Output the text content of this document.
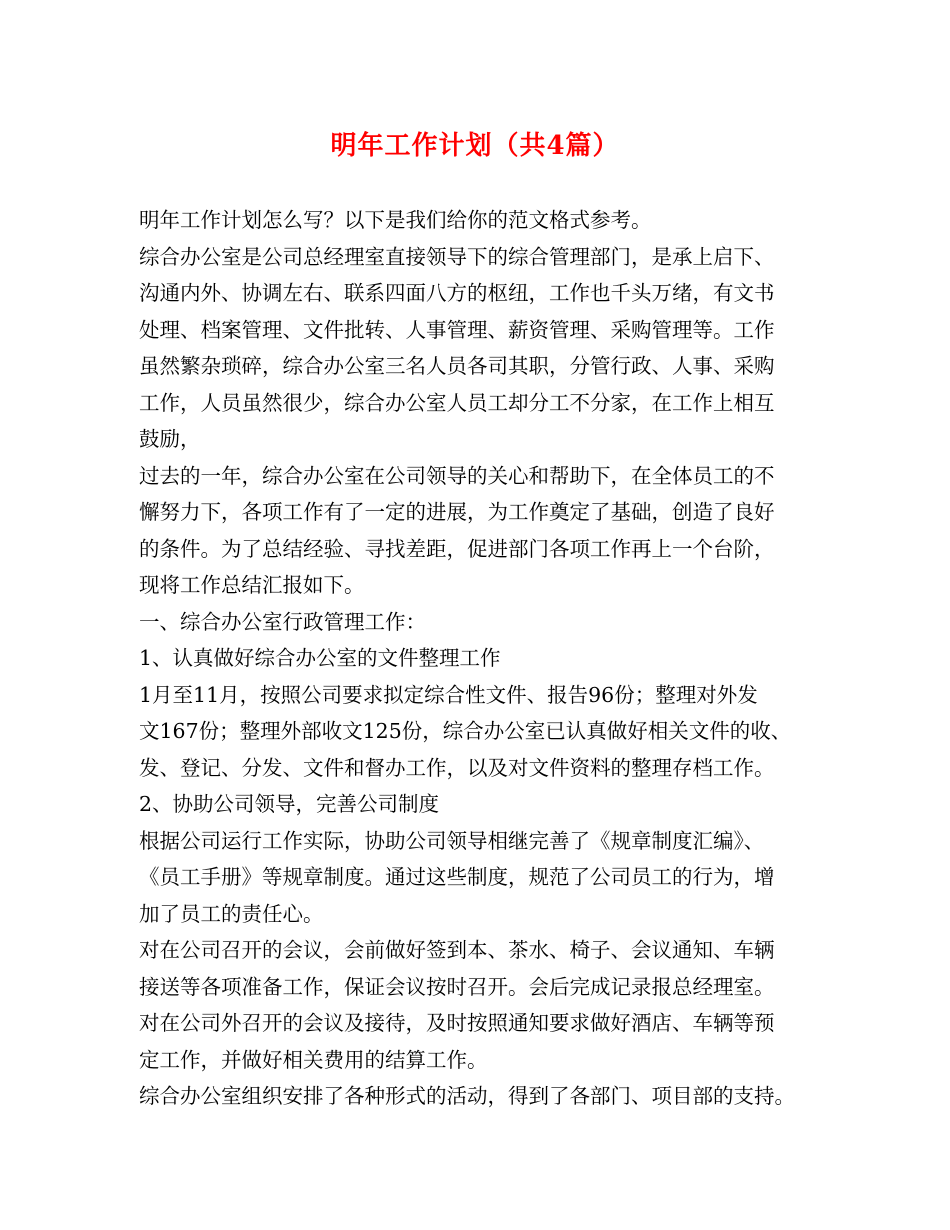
明年工作计划（共4篇）
明年工作计划怎么写？以下是我们给你的范文格式参考。
综合办公室是公司总经理室直接领导下的综合管理部门，是承上启下、
沟通内外、协调左右、联系四面八方的枢纽，工作也千头万绪，有文书
处理、档案管理、文件批转、人事管理、薪资管理、采购管理等。工作
虽然繁杂琐碎，综合办公室三名人员各司其职，分管行政、人事、采购
工作，人员虽然很少，综合办公室人员工却分工不分家，在工作上相互
鼓励，
过去的一年，综合办公室在公司领导的关心和帮助下，在全体员工的不
懈努力下，各项工作有了一定的进展，为工作奠定了基础，创造了良好
的条件。为了总结经验、寻找差距，促进部门各项工作再上一个台阶，
现将工作总结汇报如下。
一、综合办公室行政管理工作：
1、认真做好综合办公室的文件整理工作
1月至11月，按照公司要求拟定综合性文件、报告96份；整理对外发
文167份；整理外部收文125份，综合办公室已认真做好相关文件的收、
发、登记、分发、文件和督办工作，以及对文件资料的整理存档工作。
2、协助公司领导，完善公司制度
根据公司运行工作实际，协助公司领导相继完善了《规章制度汇编》、
《员工手册》等规章制度。通过这些制度，规范了公司员工的行为，增
加了员工的责任心。
对在公司召开的会议，会前做好签到本、茶水、椅子、会议通知、车辆
接送等各项准备工作，保证会议按时召开。会后完成记录报总经理室。
对在公司外召开的会议及接待，及时按照通知要求做好酒店、车辆等预
定工作，并做好相关费用的结算工作。
综合办公室组织安排了各种形式的活动，得到了各部门、项目部的支持。
